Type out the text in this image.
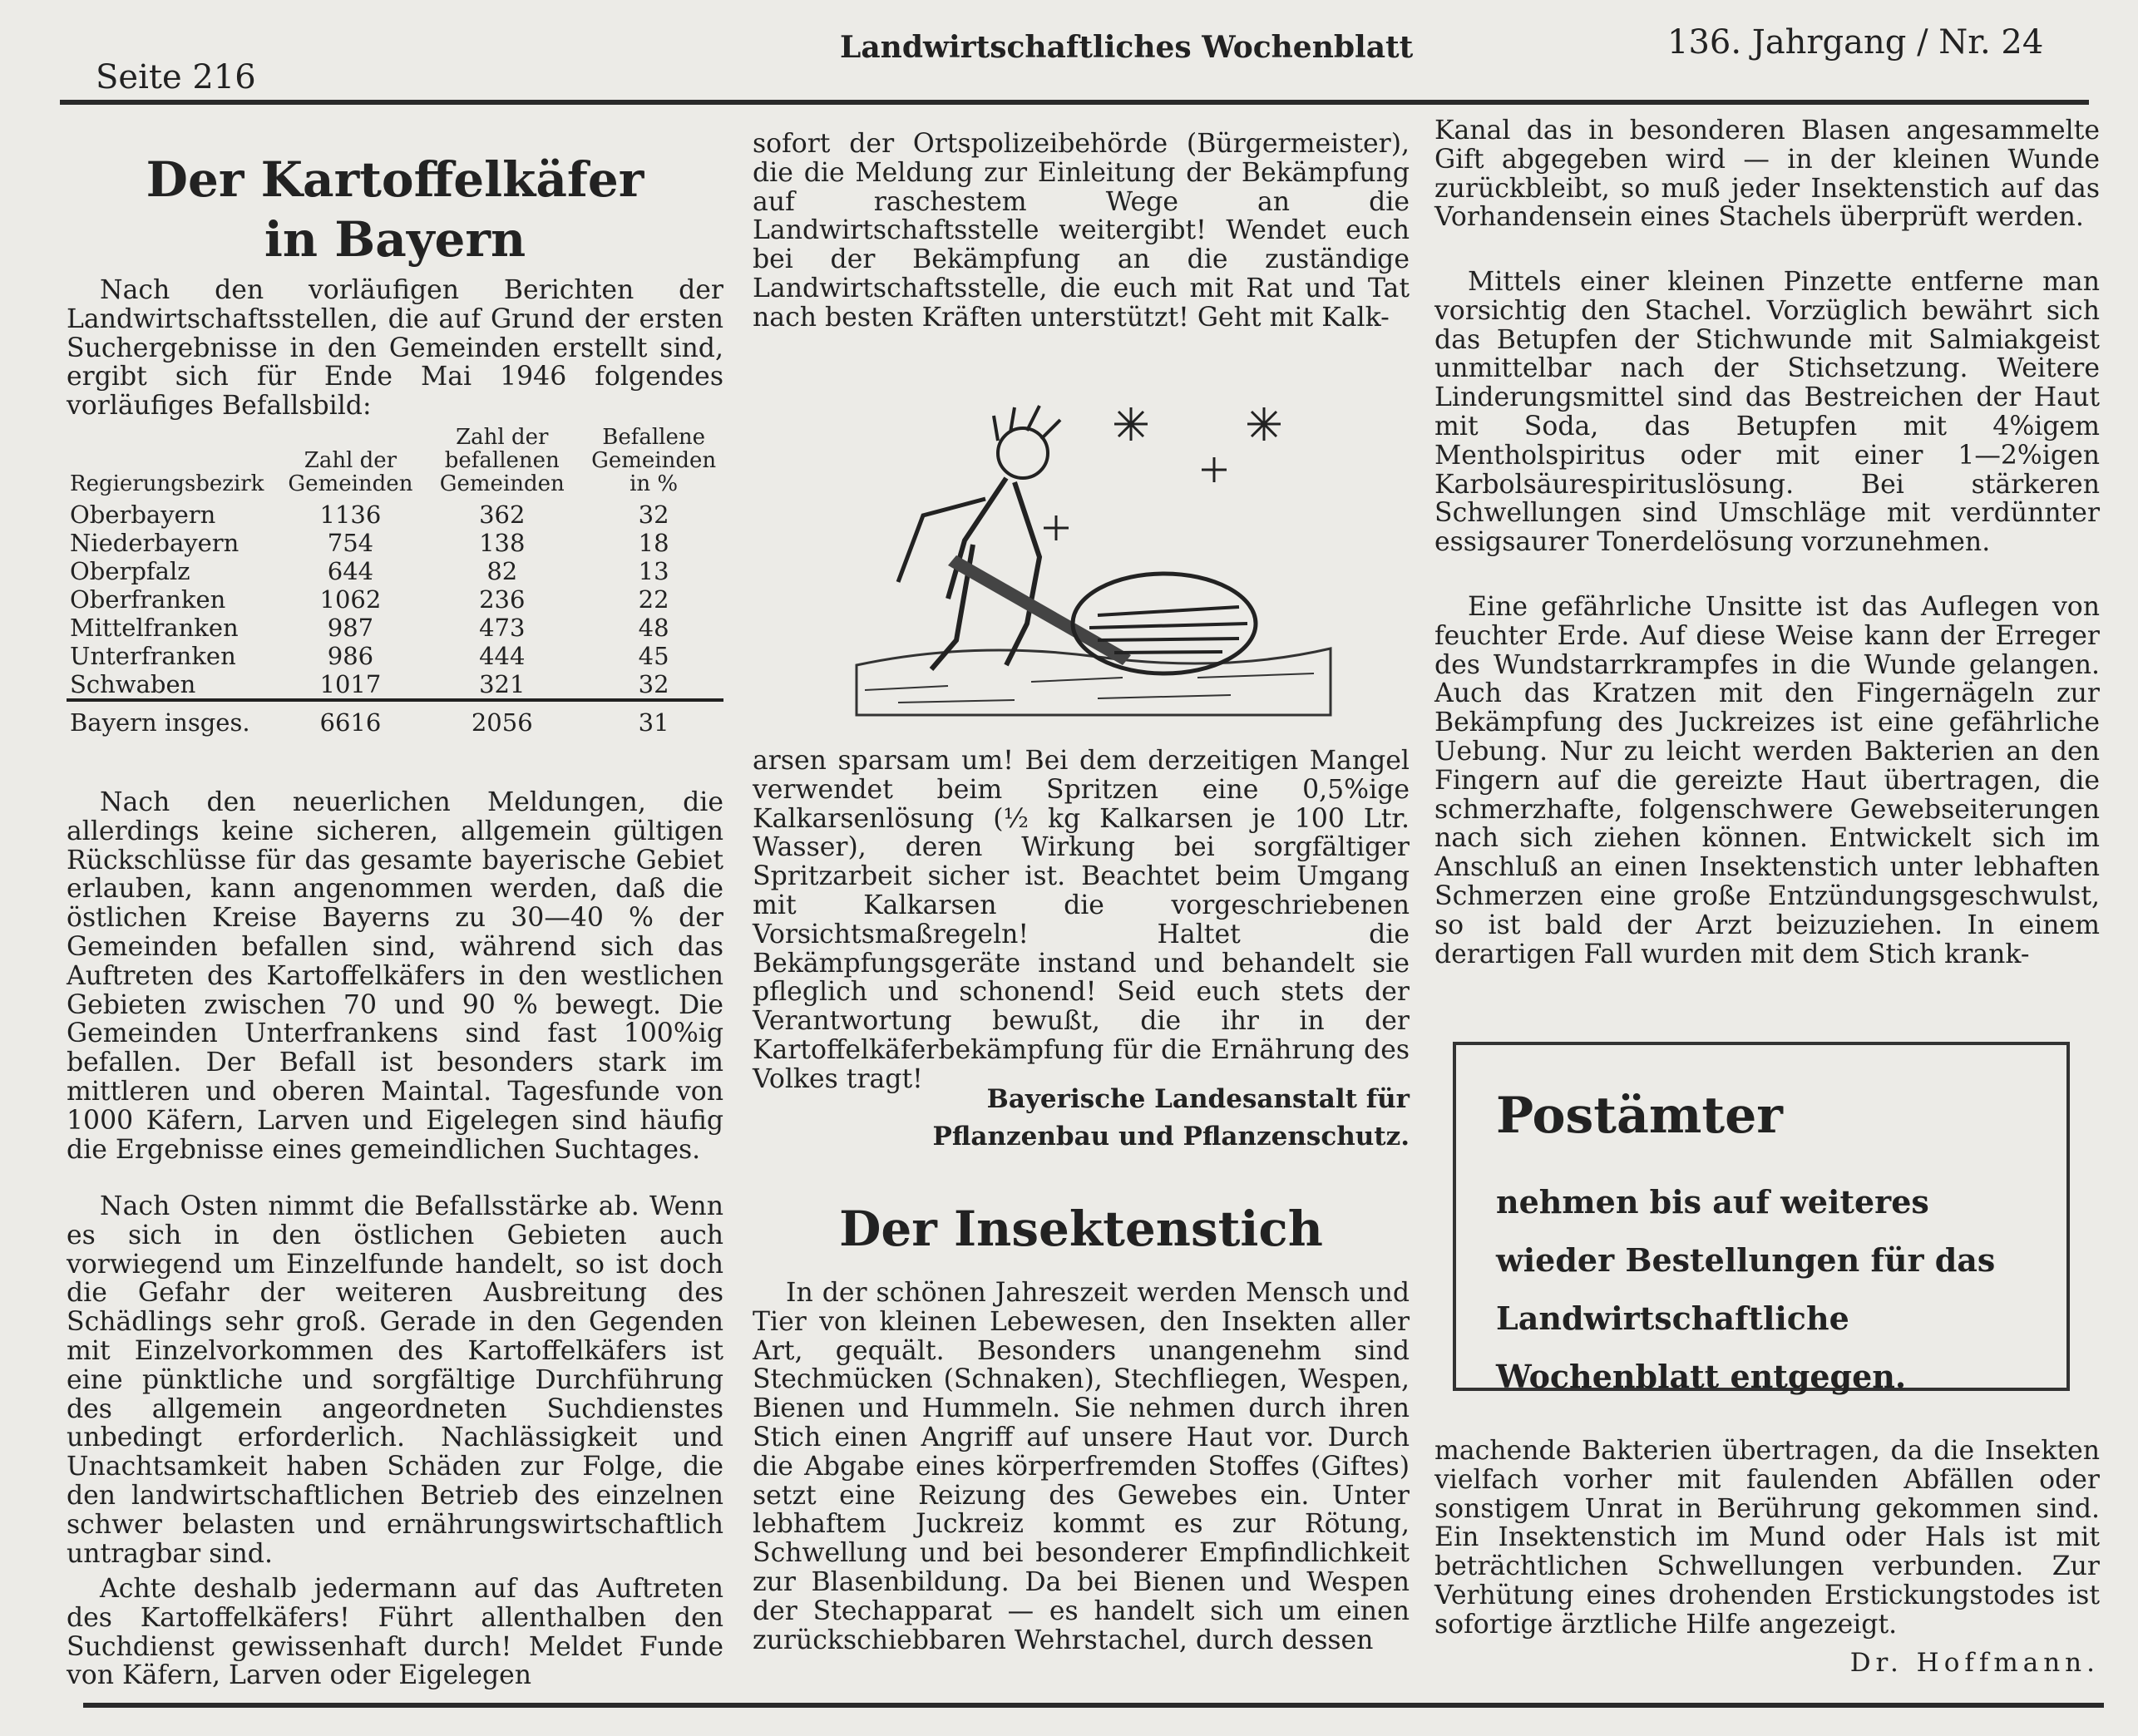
Seite 216
Landwirtschaftliches Wochenblatt	136. Jahrgang / Nr. 24
Der Kartoffelkäfer
in Bayern

Nach den vorläufigen Berichten der Landwirtschaftsstellen, die auf Grund der ersten Suchergebnisse in den Gemeinden erstellt sind, ergibt sich für Ende Mai 1946 folgendes vorläufiges Befallsbild:

Regierungsbezirk	Zahl der Gemeinden	Zahl der befallenen Gemeinden	Befallene Gemeinden in %
Oberbayern	1136	362	32
Niederbayern	754	138	18
Oberpfalz	644	82	13
Oberfranken	1062	236	22
Mittelfranken	987	473	48
Unterfranken	986	444	45
Schwaben	1017	321	32
Bayern insges.	6616	2056	31

Nach den neuerlichen Meldungen, die allerdings keine sicheren, allgemein gültigen Rückschlüsse für das gesamte bayerische Gebiet erlauben, kann angenommen werden, daß die östlichen Kreise Bayerns zu 30—40 % der Gemeinden befallen sind, während sich das Auftreten des Kartoffelkäfers in den westlichen Gebieten zwischen 70 und 90 % bewegt. Die Gemeinden Unterfrankens sind fast 100%ig befallen. Der Befall ist besonders stark im mittleren und oberen Maintal. Tagesfunde von 1000 Käfern, Larven und Eigelegen sind häufig die Ergebnisse eines gemeindlichen Suchtages.

Nach Osten nimmt die Befallsstärke ab. Wenn es sich in den östlichen Gebieten auch vorwiegend um Einzelfunde handelt, so ist doch die Gefahr der weiteren Ausbreitung des Schädlings sehr groß. Gerade in den Gegenden mit Einzelvorkommen des Kartoffelkäfers ist eine pünktliche und sorgfältige Durchführung des allgemein angeordneten Suchdienstes unbedingt erforderlich. Nachlässigkeit und Unachtsamkeit haben Schäden zur Folge, die den landwirtschaftlichen Betrieb des einzelnen schwer belasten und ernährungswirtschaftlich untragbar sind.

Achte deshalb jedermann auf das Auftreten des Kartoffelkäfers! Führt allenthalben den Suchdienst gewissenhaft durch! Meldet Funde von Käfern, Larven oder Eigelegen

sofort der Ortspolizeibehörde (Bürgermeister), die die Meldung zur Einleitung der Bekämpfung auf raschestem Wege an die Landwirtschaftsstelle weitergibt! Wendet euch bei der Bekämpfung an die zuständige Landwirtschaftsstelle, die euch mit Rat und Tat nach besten Kräften unterstützt! Geht mit Kalk-

arsen sparsam um! Bei dem derzeitigen Mangel verwendet beim Spritzen eine 0,5%ige Kalkarsenlösung (½ kg Kalkarsen je 100 Ltr. Wasser), deren Wirkung bei sorgfältiger Spritzarbeit sicher ist. Beachtet beim Umgang mit Kalkarsen die vorgeschriebenen Vorsichtsmaßregeln! Haltet die Bekämpfungsgeräte instand und behandelt sie pfleglich und schonend! Seid euch stets der Verantwortung bewußt, die ihr in der Kartoffelkäferbekämpfung für die Ernährung des Volkes tragt!

Bayerische Landesanstalt für
Pflanzenbau und Pflanzenschutz.
Der Insektenstich

In der schönen Jahreszeit werden Mensch und Tier von kleinen Lebewesen, den Insekten aller Art, gequält. Besonders unangenehm sind Stechmücken (Schnaken), Stechfliegen, Wespen, Bienen und Hummeln. Sie nehmen durch ihren Stich einen Angriff auf unsere Haut vor. Durch die Abgabe eines körperfremden Stoffes (Giftes) setzt eine Reizung des Gewebes ein. Unter lebhaftem Juckreiz kommt es zur Rötung, Schwellung und bei besonderer Empfindlichkeit zur Blasenbildung. Da bei Bienen und Wespen der Stechapparat — es handelt sich um einen zurückschiebbaren Wehrstachel, durch dessen

Kanal das in besonderen Blasen angesammelte Gift abgegeben wird — in der kleinen Wunde zurückbleibt, so muß jeder Insektenstich auf das Vorhandensein eines Stachels überprüft werden.

Mittels einer kleinen Pinzette entferne man vorsichtig den Stachel. Vorzüglich bewährt sich das Betupfen der Stichwunde mit Salmiakgeist unmittelbar nach der Stichsetzung. Weitere Linderungsmittel sind das Bestreichen der Haut mit Soda, das Betupfen mit 4%igem Mentholspiritus oder mit einer 1—2%igen Karbolsäurespirituslösung. Bei stärkeren Schwellungen sind Umschläge mit verdünnter essigsaurer Tonerdelösung vorzunehmen.

Eine gefährliche Unsitte ist das Auflegen von feuchter Erde. Auf diese Weise kann der Erreger des Wundstarrkrampfes in die Wunde gelangen. Auch das Kratzen mit den Fingernägeln zur Bekämpfung des Juckreizes ist eine gefährliche Uebung. Nur zu leicht werden Bakterien an den Fingern auf die gereizte Haut übertragen, die schmerzhafte, folgenschwere Gewebseiterungen nach sich ziehen können. Entwickelt sich im Anschluß an einen Insektenstich unter lebhaften Schmerzen eine große Entzündungsgeschwulst, so ist bald der Arzt beizuziehen. In einem derartigen Fall wurden mit dem Stich krank-

Postämter
nehmen bis auf weiteres wieder Bestellungen für das Landwirtschaftliche Wochenblatt entgegen.

machende Bakterien übertragen, da die Insekten vielfach vorher mit faulenden Abfällen oder sonstigem Unrat in Berührung gekommen sind. Ein Insektenstich im Mund oder Hals ist mit beträchtlichen Schwellungen verbunden. Zur Verhütung eines drohenden Erstickungstodes ist sofortige ärztliche Hilfe angezeigt.

Dr. Hoffmann.
